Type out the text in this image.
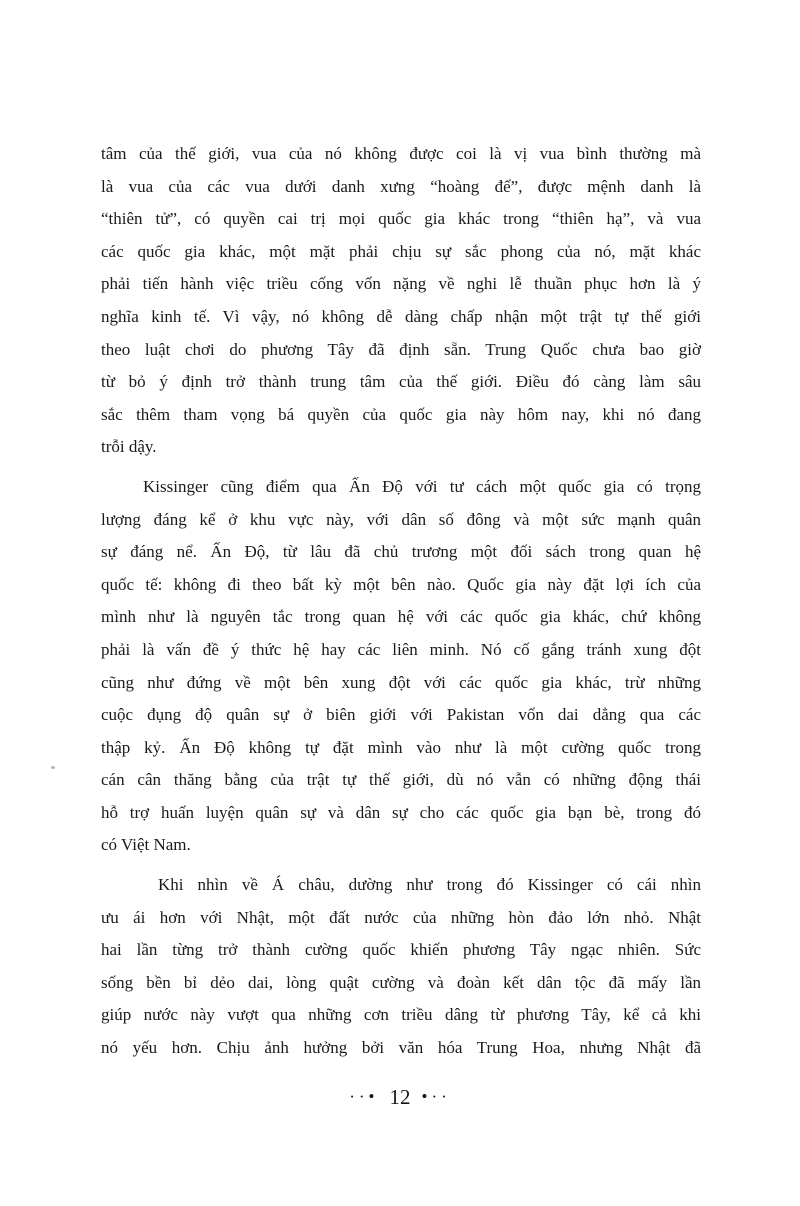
tâm của thế giới, vua của nó không được coi là vị vua bình thường mà
là vua của các vua dưới danh xưng “hoàng đế”, được mệnh danh là
“thiên tử”, có quyền cai trị mọi quốc gia khác trong “thiên hạ”, và vua
các quốc gia khác, một mặt phải chịu sự sắc phong của nó, mặt khác
phải tiến hành việc triều cống vốn nặng về nghi lễ thuần phục hơn là ý
nghĩa kinh tế. Vì vậy, nó không dễ dàng chấp nhận một trật tự thế giới
theo luật chơi do phương Tây đã định sẵn. Trung Quốc chưa bao giờ
từ bỏ ý định trở thành trung tâm của thế giới. Điều đó càng làm sâu
sắc thêm tham vọng bá quyền của quốc gia này hôm nay, khi nó đang
trỗi dậy.
Kissinger cũng điểm qua Ấn Độ với tư cách một quốc gia có trọng
lượng đáng kể ở khu vực này, với dân số đông và một sức mạnh quân
sự đáng nể. Ấn Độ, từ lâu đã chủ trương một đối sách trong quan hệ
quốc tế: không đi theo bất kỳ một bên nào. Quốc gia này đặt lợi ích của
mình như là nguyên tắc trong quan hệ với các quốc gia khác, chứ không
phải là vấn đề ý thức hệ hay các liên minh. Nó cố gắng tránh xung đột
cũng như đứng về một bên xung đột với các quốc gia khác, trừ những
cuộc đụng độ quân sự ở biên giới với Pakistan vốn dai dẳng qua các
thập kỷ. Ấn Độ không tự đặt mình vào như là một cường quốc trong
cán cân thăng bằng của trật tự thế giới, dù nó vẫn có những động thái
hỗ trợ huấn luyện quân sự và dân sự cho các quốc gia bạn bè, trong đó
có Việt Nam.
Khi nhìn về Á châu, dường như trong đó Kissinger có cái nhìn
ưu ái hơn với Nhật, một đất nước của những hòn đảo lớn nhỏ. Nhật
hai lần từng trở thành cường quốc khiến phương Tây ngạc nhiên. Sức
sống bền bỉ dẻo dai, lòng quật cường và đoàn kết dân tộc đã mấy lần
giúp nước này vượt qua những cơn triều dâng từ phương Tây, kể cả khi
nó yếu hơn. Chịu ảnh hưởng bởi văn hóa Trung Hoa, nhưng Nhật đã
··• 12 •··
